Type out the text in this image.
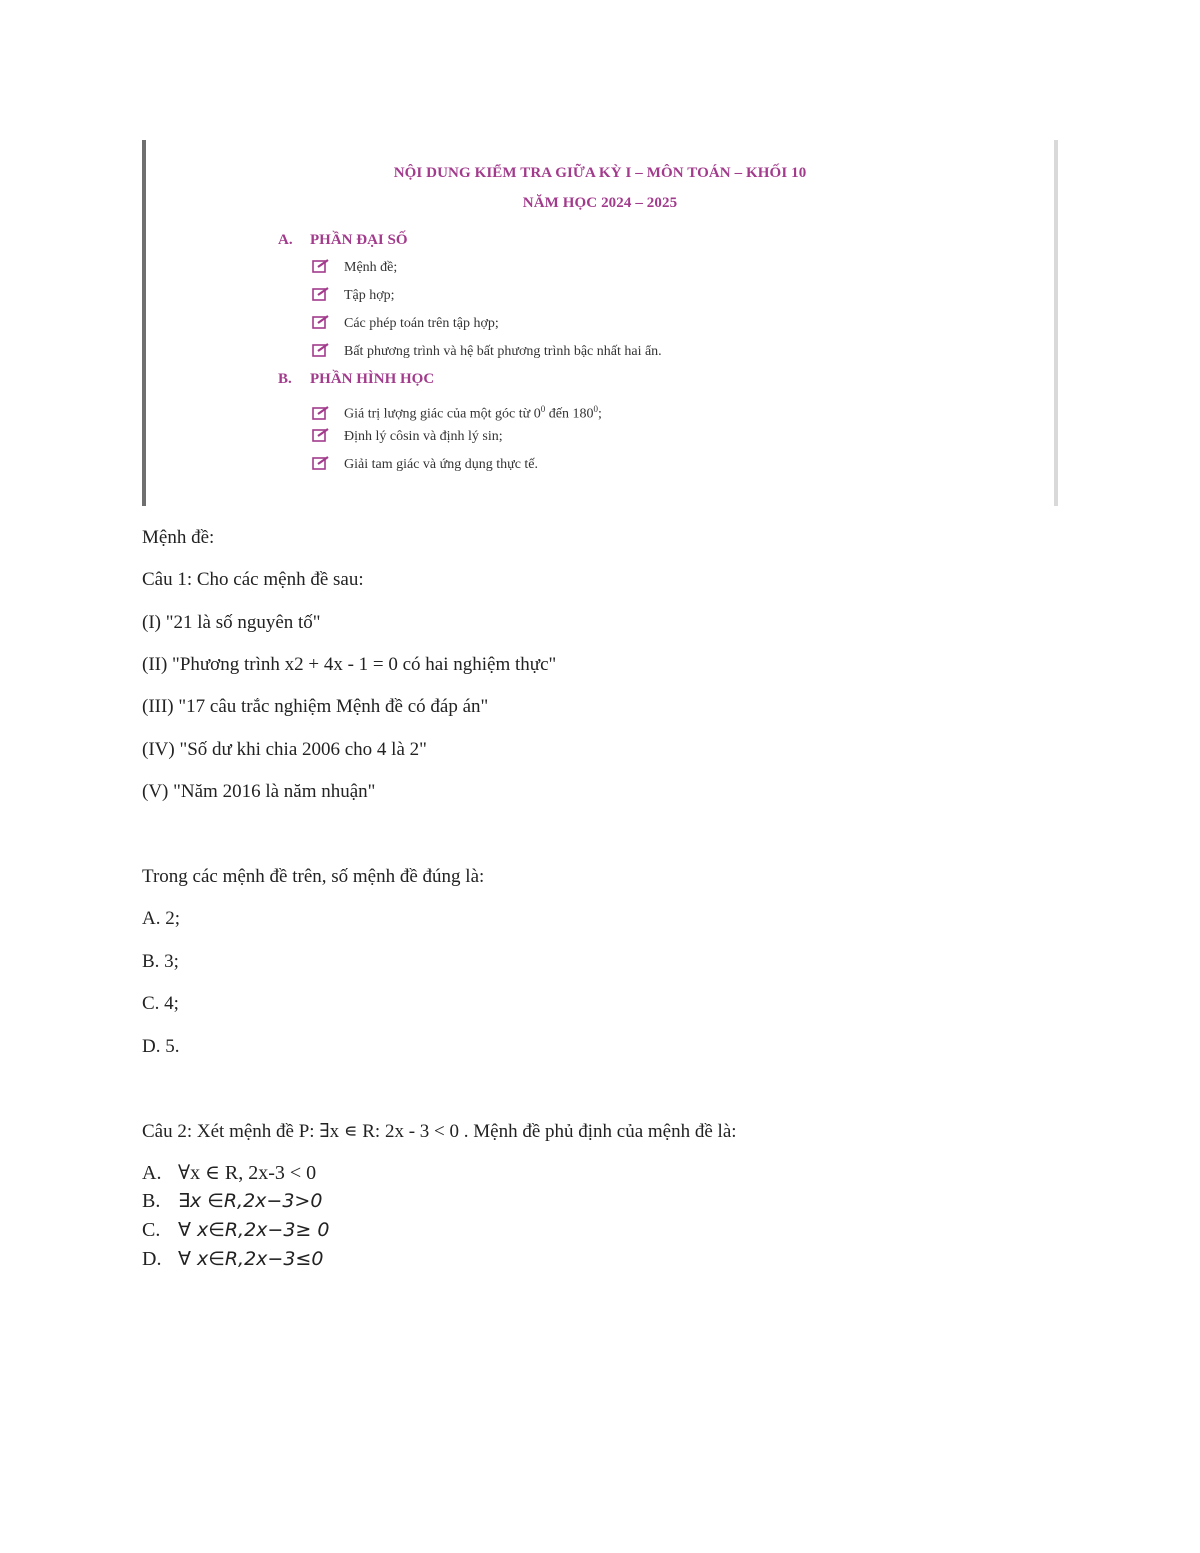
NỘI DUNG KIỂM TRA GIỮA KỲ I – MÔN TOÁN – KHỐI 10
NĂM HỌC 2024 – 2025
A. PHẦN ĐẠI SỐ
Mệnh đề;
Tập hợp;
Các phép toán trên tập hợp;
Bất phương trình và hệ bất phương trình bậc nhất hai ẩn.
B. PHẦN HÌNH HỌC
Giá trị lượng giác của một góc từ $0^0$ đến $180^0$;
Định lý côsin và định lý sin;
Giải tam giác và ứng dụng thực tế.
Mệnh đề:
Câu 1: Cho các mệnh đề sau:
(I) "21 là số nguyên tố"
(II) "Phương trình x2 + 4x - 1 = 0 có hai nghiệm thực"
(III) "17 câu trắc nghiệm Mệnh đề có đáp án"
(IV) "Số dư khi chia 2006 cho 4 là 2"
(V) "Năm 2016 là năm nhuận"
Trong các mệnh đề trên, số mệnh đề đúng là:
A. 2;
B. 3;
C. 4;
D. 5.
Câu 2: Xét mệnh đề P: ∃x ∊ R: 2x - 3 < 0 . Mệnh đề phủ định của mệnh đề là:
A. ∀x ∈ R, 2x-3 < 0
B. ∃x ∈R,2x−3>0
C. ∀ x∈R,2x−3≥ 0
D. ∀ x∈R,2x−3≤0
